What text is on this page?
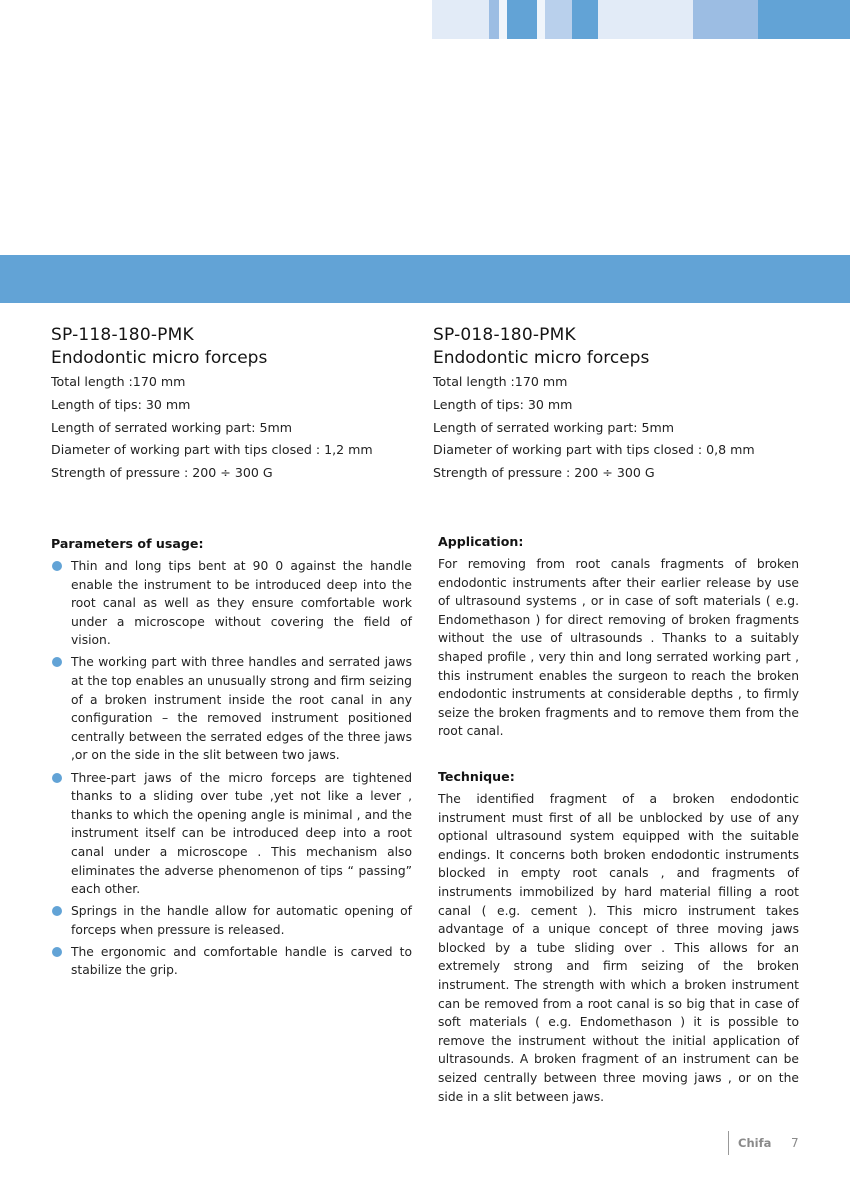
SP-118-180-PMK
Endodontic micro forceps
Total length :170 mm
Length of tips: 30 mm
Length of serrated working part: 5mm
Diameter of working part with tips closed : 1,2 mm
Strength of pressure : 200 ÷ 300 G
SP-018-180-PMK
Endodontic micro forceps
Total length :170 mm
Length of tips: 30 mm
Length of serrated working part: 5mm
Diameter of working part with tips closed : 0,8 mm
Strength of pressure : 200 ÷ 300 G
Parameters of usage:
Thin and long tips bent at 90 0 against the handle enable the instrument to be introduced deep into the root canal as well as they ensure comfortable work under a microscope without covering the field of vision.
The working part with three handles and serrated jaws at the top enables an unusually strong and firm seizing of a broken instrument inside the root canal in any configuration – the removed instrument positioned centrally between the serrated edges of the three jaws ,or on the side in the slit between two jaws.
Three-part jaws of the micro forceps are tightened thanks to a sliding over tube ,yet not like a lever , thanks to which the opening angle is minimal , and the instrument itself can be introduced deep into a root canal under a microscope . This mechanism also eliminates the adverse phenomenon of tips “ passing” each other.
Springs in the handle allow for automatic opening of forceps when pressure is released.
The ergonomic and comfortable handle is carved to stabilize the grip.
Application:

For removing from root canals fragments of broken endodontic instruments after their earlier release by use of ultrasound systems , or in case of soft materials ( e.g. Endomethason ) for direct removing of broken fragments without the use of ultrasounds . Thanks to a suitably shaped profile , very thin and long serrated working part , this instrument enables the surgeon to reach the broken endodontic instruments at considerable depths , to firmly seize the broken fragments and to remove them from the root canal.

Technique:

The identified fragment of a broken endodontic instrument must first of all be unblocked by use of any optional ultrasound system equipped with the suitable endings. It concerns both broken endodontic instruments blocked in empty root canals , and fragments of instruments immobilized by hard material filling a root canal ( e.g. cement ). This micro instrument takes advantage of a unique concept of three moving jaws blocked by a tube sliding over . This allows for an extremely strong and firm seizing of the broken instrument. The strength with which a broken instrument can be removed from a root canal is so big that in case of soft materials ( e.g. Endomethason ) it is possible to remove the instrument without the initial application of ultrasounds. A broken fragment of an instrument can be seized centrally between three moving jaws , or on the side in a slit between jaws.

Chifa 7
